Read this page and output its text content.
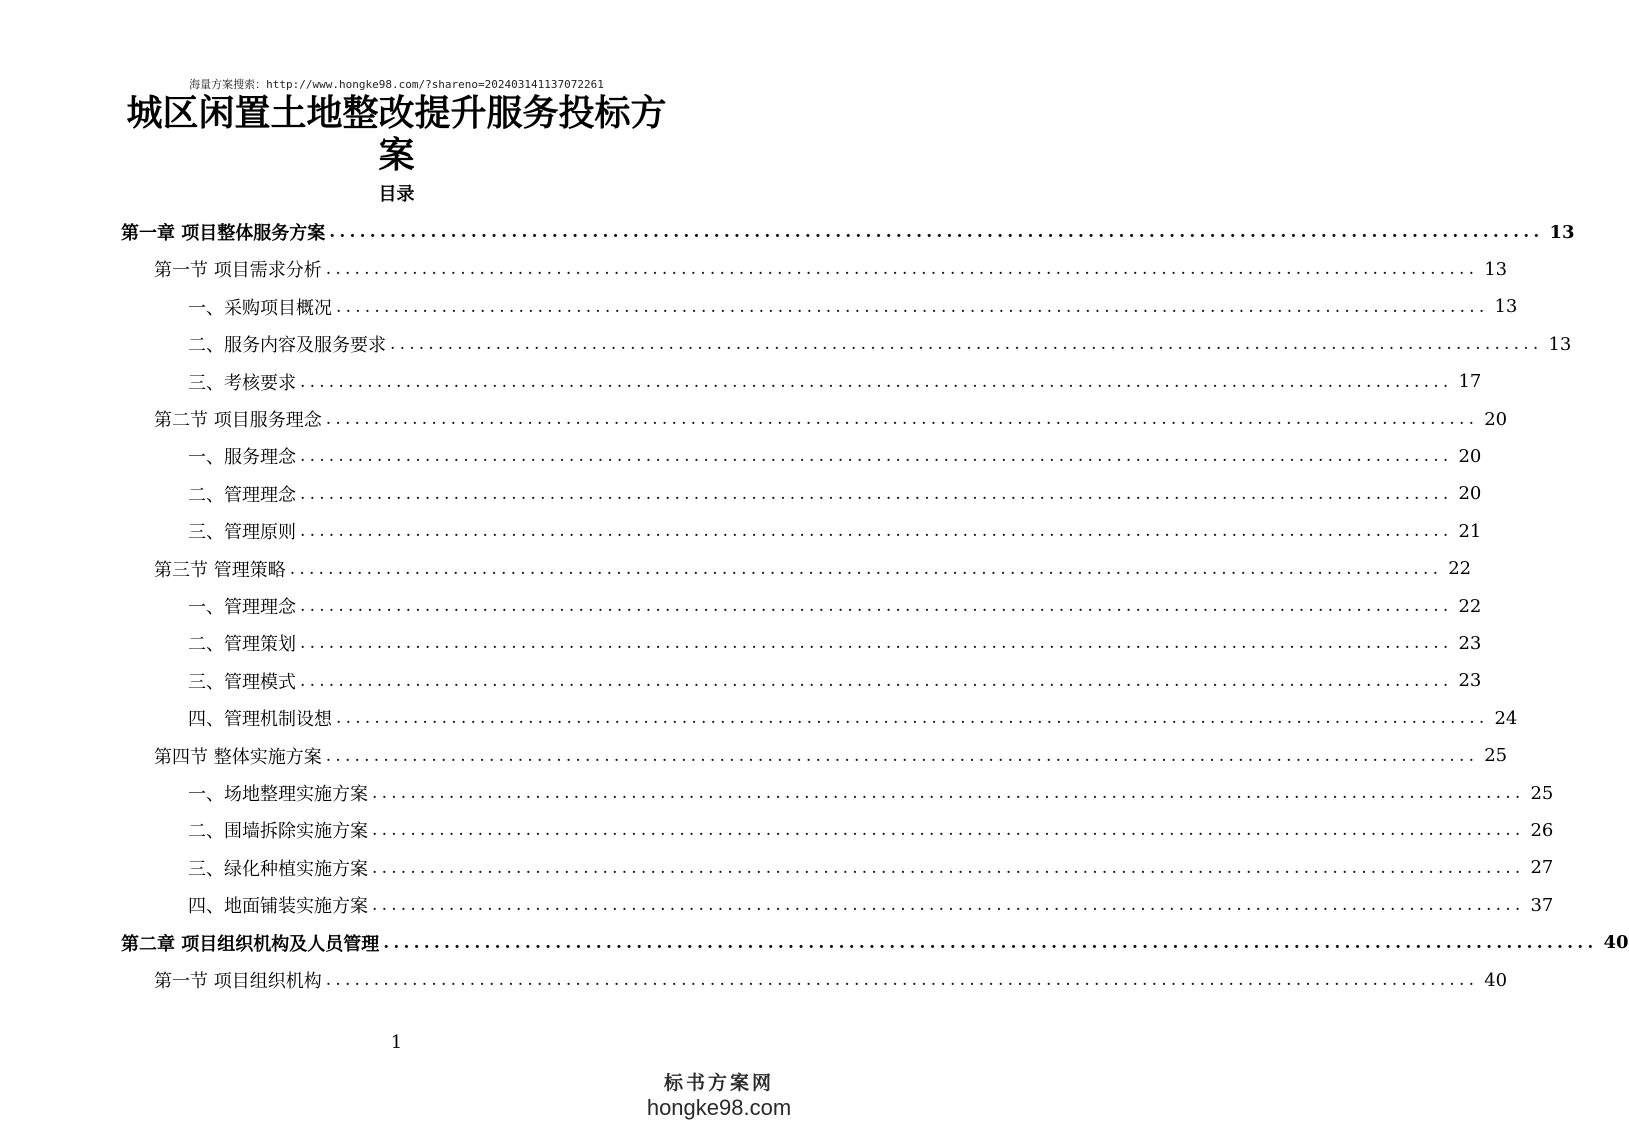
海量方案搜索：http://www.hongke98.com/?shareno=202403141137072261
城区闲置土地整改提升服务投标方案
目录
第一章 项目整体服务方案 ........................................................................................................................ 13
第一节 项目需求分析 ........................................................................................................................ 13
一、采购项目概况 ........................................................................................................................ 13
二、服务内容及服务要求 ........................................................................................................................ 13
三、考核要求 ........................................................................................................................ 17
第二节 项目服务理念 ........................................................................................................................ 20
一、服务理念 ........................................................................................................................ 20
二、管理理念 ........................................................................................................................ 20
三、管理原则 ........................................................................................................................ 21
第三节 管理策略 ........................................................................................................................ 22
一、管理理念 ........................................................................................................................ 22
二、管理策划 ........................................................................................................................ 23
三、管理模式 ........................................................................................................................ 23
四、管理机制设想 ........................................................................................................................ 24
第四节 整体实施方案 ........................................................................................................................ 25
一、场地整理实施方案 ........................................................................................................................ 25
二、围墙拆除实施方案 ........................................................................................................................ 26
三、绿化种植实施方案 ........................................................................................................................ 27
四、地面铺装实施方案 ........................................................................................................................ 37
第二章 项目组织机构及人员管理 ........................................................................................................................ 40
第一节 项目组织机构 ........................................................................................................................ 40
1
标书方案网
hongke98.com
